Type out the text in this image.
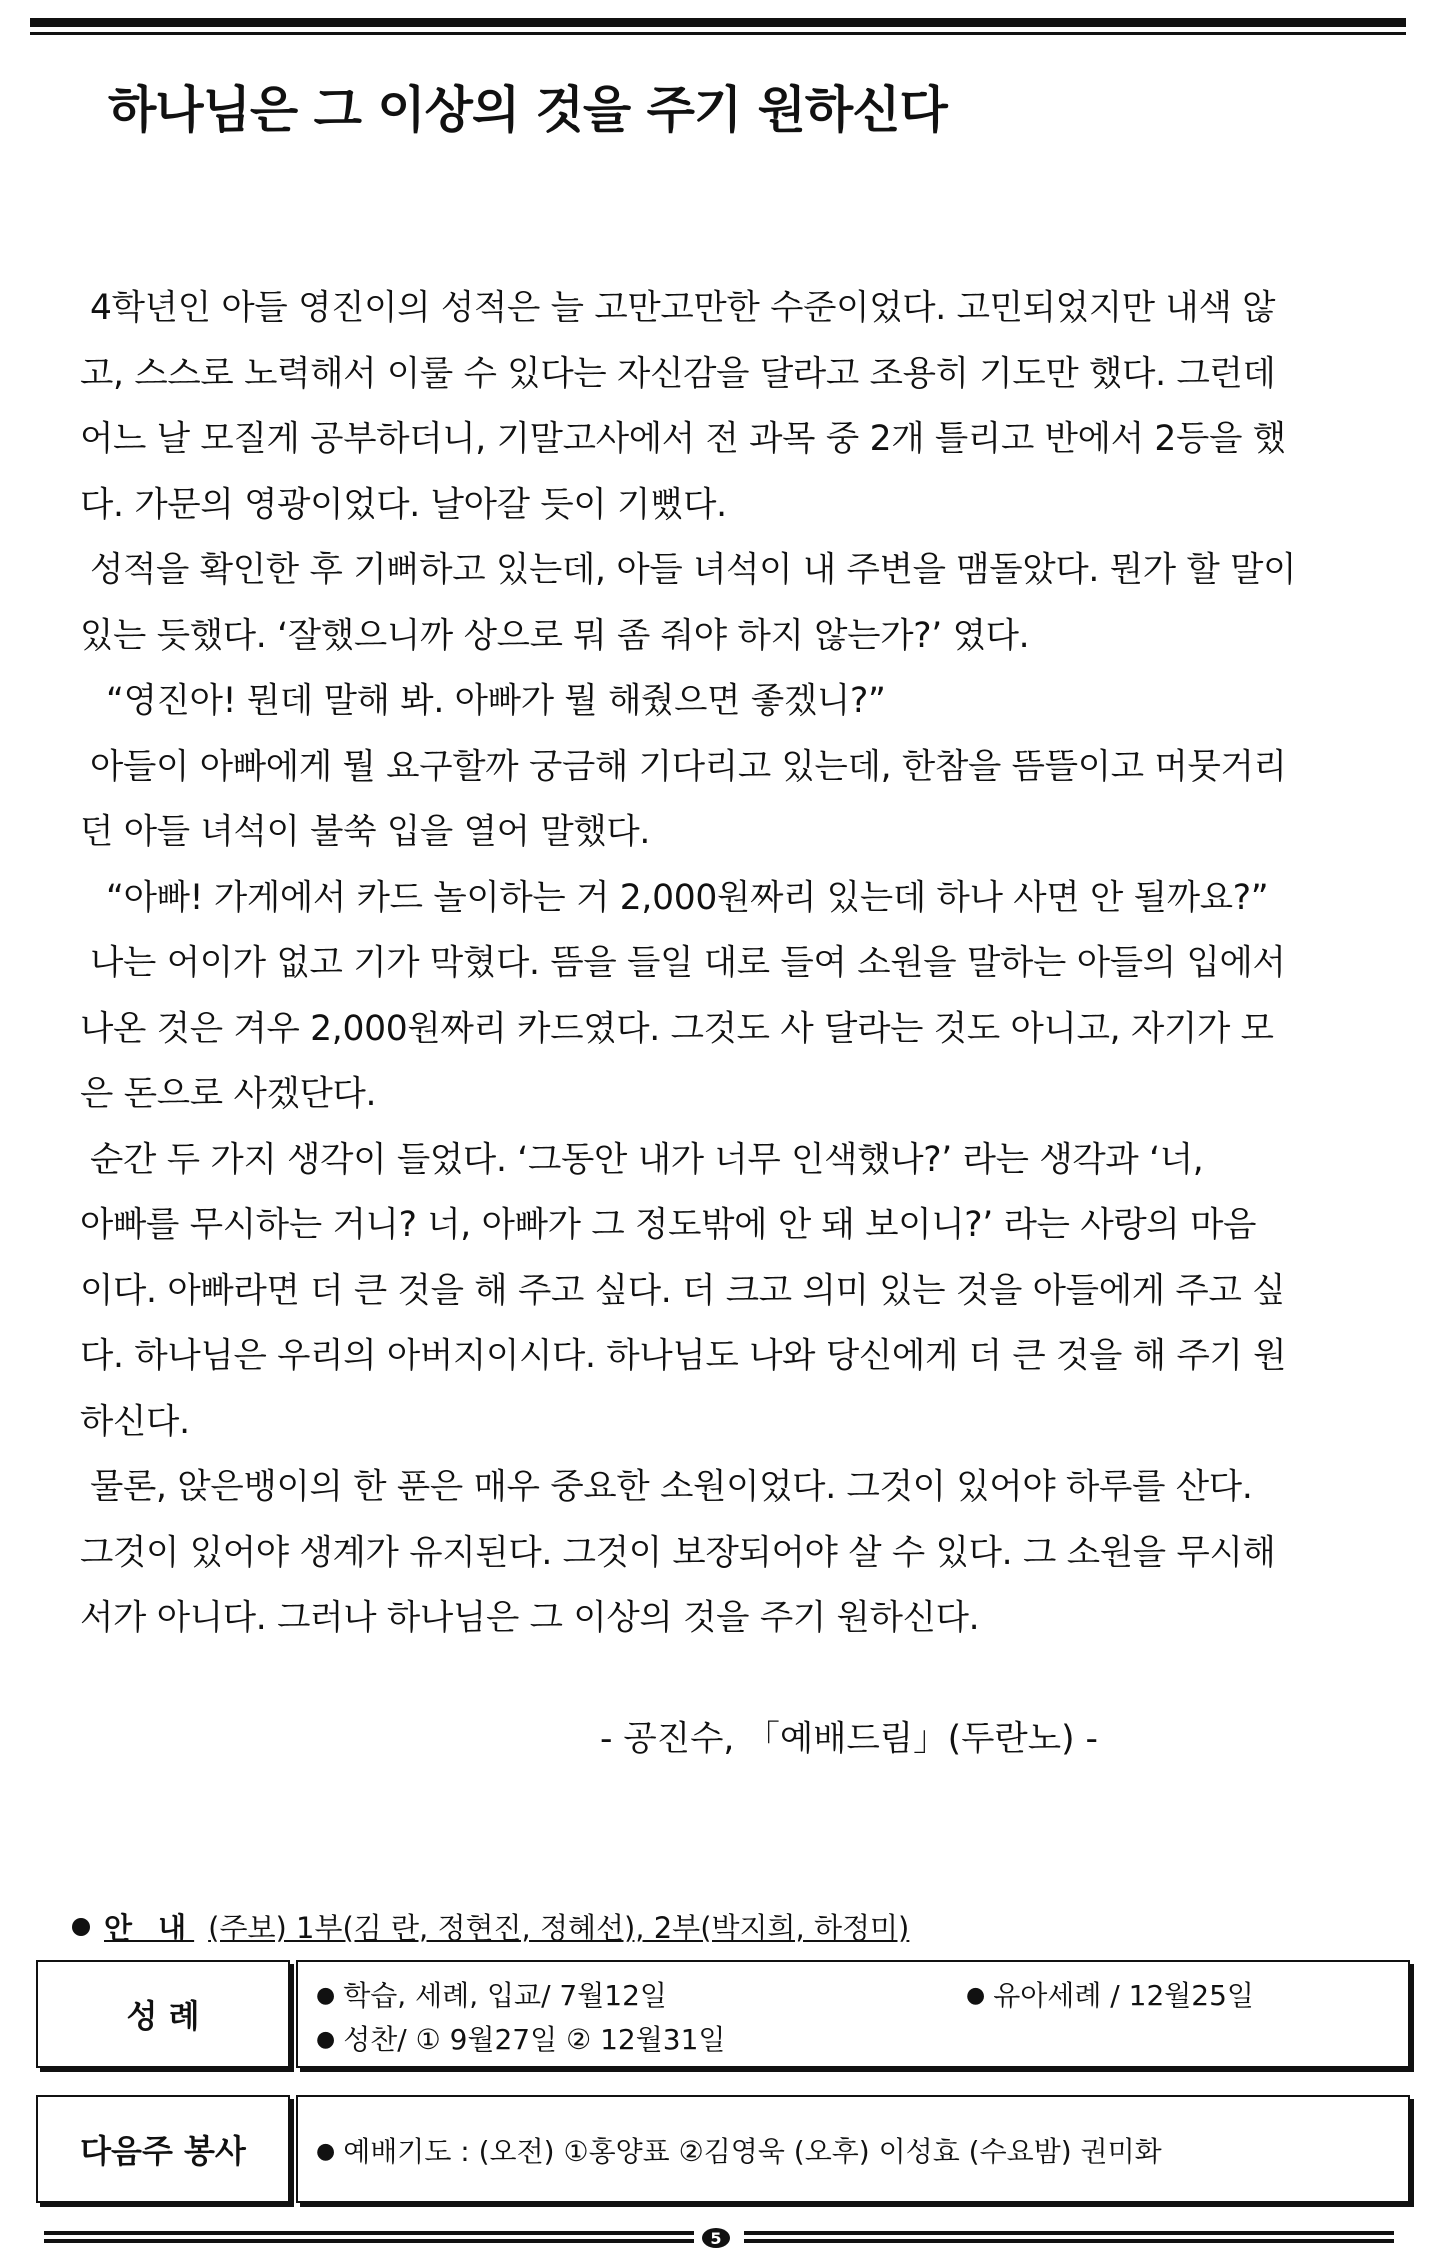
하나님은 그 이상의 것을 주기 원하신다

4학년인 아들 영진이의 성적은 늘 고만고만한 수준이었다. 고민되었지만 내색 않

고, 스스로 노력해서 이룰 수 있다는 자신감을 달라고 조용히 기도만 했다. 그런데

어느 날 모질게 공부하더니, 기말고사에서 전 과목 중 2개 틀리고 반에서 2등을 했

다. 가문의 영광이었다. 날아갈 듯이 기뻤다.

성적을 확인한 후 기뻐하고 있는데, 아들 녀석이 내 주변을 맴돌았다. 뭔가 할 말이

있는 듯했다. ‘잘했으니까 상으로 뭐 좀 줘야 하지 않는가?’ 였다.

“영진아! 뭔데 말해 봐. 아빠가 뭘 해줬으면 좋겠니?”

아들이 아빠에게 뭘 요구할까 궁금해 기다리고 있는데, 한참을 뜸뜰이고 머뭇거리

던 아들 녀석이 불쑥 입을 열어 말했다.

“아빠! 가게에서 카드 놀이하는 거 2,000원짜리 있는데 하나 사면 안 될까요?”

나는 어이가 없고 기가 막혔다. 뜸을 들일 대로 들여 소원을 말하는 아들의 입에서

나온 것은 겨우 2,000원짜리 카드였다. 그것도 사 달라는 것도 아니고, 자기가 모

은 돈으로 사겠단다.

순간 두 가지 생각이 들었다. ‘그동안 내가 너무 인색했나?’ 라는 생각과 ‘너,

아빠를 무시하는 거니? 너, 아빠가 그 정도밖에 안 돼 보이니?’ 라는 사랑의 마음

이다. 아빠라면 더 큰 것을 해 주고 싶다. 더 크고 의미 있는 것을 아들에게 주고 싶

다. 하나님은 우리의 아버지이시다. 하나님도 나와 당신에게 더 큰 것을 해 주기 원

하신다.

물론, 앉은뱅이의 한 푼은 매우 중요한 소원이었다. 그것이 있어야 하루를 산다.

그것이 있어야 생계가 유지된다. 그것이 보장되어야 살 수 있다. 그 소원을 무시해

서가 아니다. 그러나 하나님은 그 이상의 것을 주기 원하신다.

- 공진수, 「예배드림」(두란노) -
안 내 (주보) 1부(김 란, 정현진, 정혜선), 2부(박지희, 하정미)
성 례
● 학습, 세례, 입교/ 7월12일	● 유아세례 / 12월25일
● 성찬/ ① 9월27일 ② 12월31일
다음주 봉사	● 예배기도 : (오전) ①홍양표 ②김영욱 (오후) 이성효 (수요밤) 권미화
5
